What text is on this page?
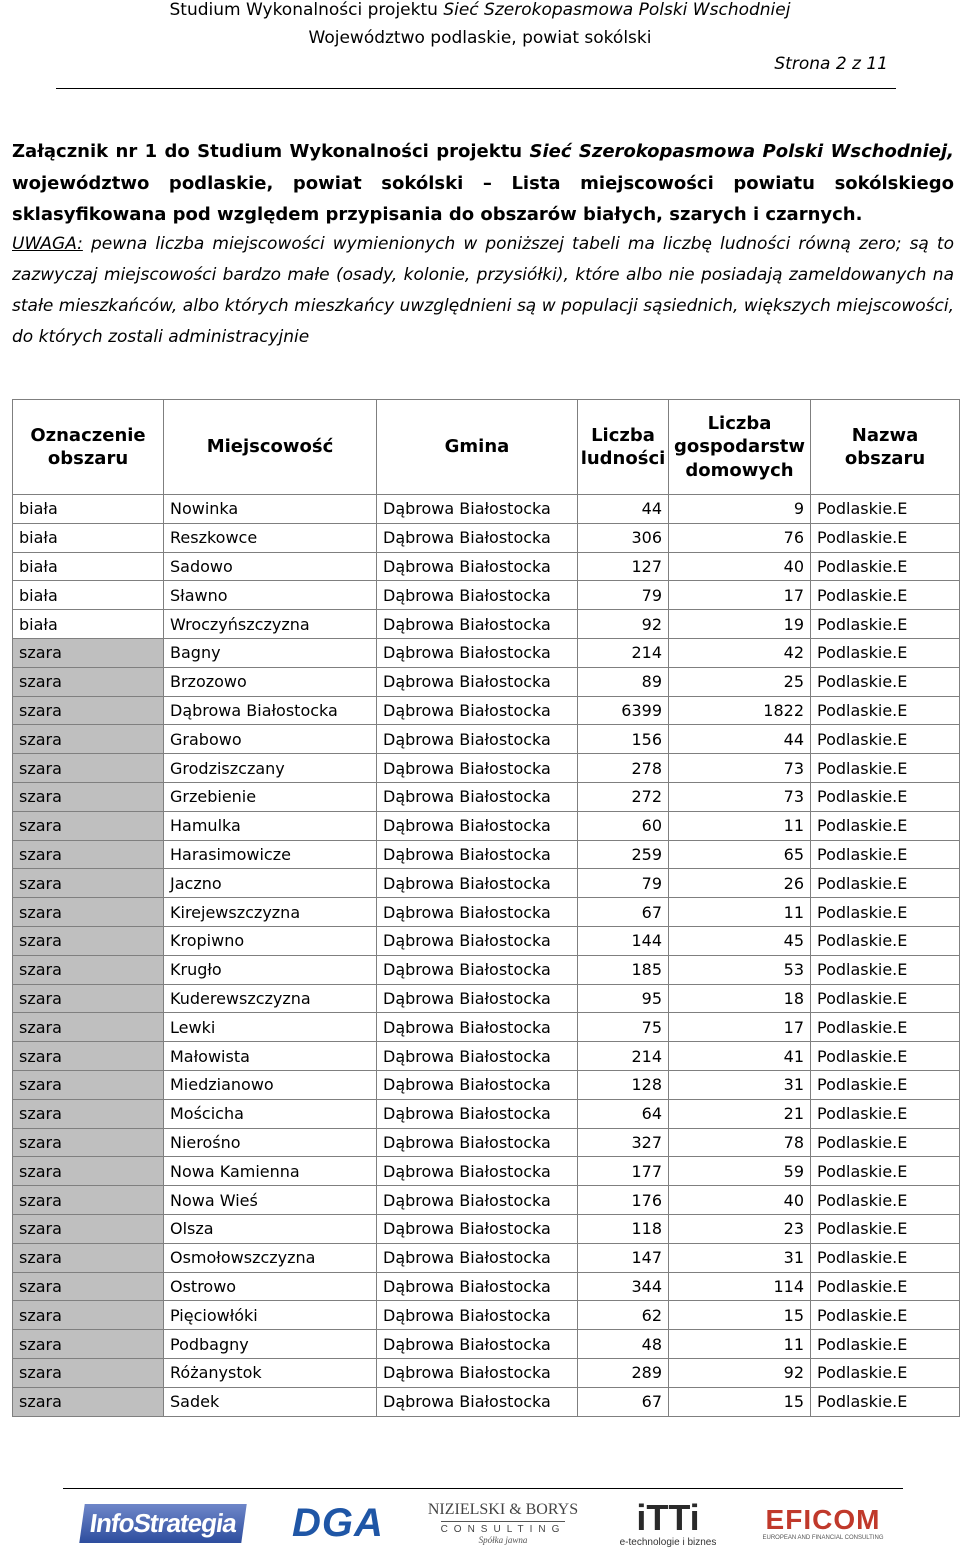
Studium Wykonalności projektu Sieć Szerokopasmowa Polski Wschodniej
Województwo podlaskie, powiat sokólski
Strona 2 z 11
Załącznik nr 1 do Studium Wykonalności projektu Sieć Szerokopasmowa Polski Wschodniej, województwo podlaskie, powiat sokólski – Lista miejscowości powiatu sokólskiego sklasyfikowana pod względem przypisania do obszarów białych, szarych i czarnych.
UWAGA: pewna liczba miejscowości wymienionych w poniższej tabeli ma liczbę ludności równą zero; są to zazwyczaj miejscowości bardzo małe (osady, kolonie, przysiółki), które albo nie posiadają zameldowanych na stałe mieszkańców, albo których mieszkańcy uwzględnieni są w populacji sąsiednich, większych miejscowości, do których zostali administracyjnie
Oznaczenie obszaru	Miejscowość	Gmina	Liczba ludności	Liczba gospodarstw domowych	Nazwa obszaru
biała	Nowinka	Dąbrowa Białostocka	44	9	Podlaskie.E
biała	Reszkowce	Dąbrowa Białostocka	306	76	Podlaskie.E
biała	Sadowo	Dąbrowa Białostocka	127	40	Podlaskie.E
biała	Sławno	Dąbrowa Białostocka	79	17	Podlaskie.E
biała	Wroczyńszczyzna	Dąbrowa Białostocka	92	19	Podlaskie.E
szara	Bagny	Dąbrowa Białostocka	214	42	Podlaskie.E
szara	Brzozowo	Dąbrowa Białostocka	89	25	Podlaskie.E
szara	Dąbrowa Białostocka	Dąbrowa Białostocka	6399	1822	Podlaskie.E
szara	Grabowo	Dąbrowa Białostocka	156	44	Podlaskie.E
szara	Grodziszczany	Dąbrowa Białostocka	278	73	Podlaskie.E
szara	Grzebienie	Dąbrowa Białostocka	272	73	Podlaskie.E
szara	Hamulka	Dąbrowa Białostocka	60	11	Podlaskie.E
szara	Harasimowicze	Dąbrowa Białostocka	259	65	Podlaskie.E
szara	Jaczno	Dąbrowa Białostocka	79	26	Podlaskie.E
szara	Kirejewszczyzna	Dąbrowa Białostocka	67	11	Podlaskie.E
szara	Kropiwno	Dąbrowa Białostocka	144	45	Podlaskie.E
szara	Krugło	Dąbrowa Białostocka	185	53	Podlaskie.E
szara	Kuderewszczyzna	Dąbrowa Białostocka	95	18	Podlaskie.E
szara	Lewki	Dąbrowa Białostocka	75	17	Podlaskie.E
szara	Małowista	Dąbrowa Białostocka	214	41	Podlaskie.E
szara	Miedzianowo	Dąbrowa Białostocka	128	31	Podlaskie.E
szara	Mościcha	Dąbrowa Białostocka	64	21	Podlaskie.E
szara	Nierośno	Dąbrowa Białostocka	327	78	Podlaskie.E
szara	Nowa Kamienna	Dąbrowa Białostocka	177	59	Podlaskie.E
szara	Nowa Wieś	Dąbrowa Białostocka	176	40	Podlaskie.E
szara	Olsza	Dąbrowa Białostocka	118	23	Podlaskie.E
szara	Osmołowszczyzna	Dąbrowa Białostocka	147	31	Podlaskie.E
szara	Ostrowo	Dąbrowa Białostocka	344	114	Podlaskie.E
szara	Pięciowłóki	Dąbrowa Białostocka	62	15	Podlaskie.E
szara	Podbagny	Dąbrowa Białostocka	48	11	Podlaskie.E
szara	Różanystok	Dąbrowa Białostocka	289	92	Podlaskie.E
szara	Sadek	Dąbrowa Białostocka	67	15	Podlaskie.E
InfoStrategia DGA	NIZIELSKI & BORYS
CONSULTING
Spółka jawna
iTTi
e-technologie i biznes
EFICOM
EUROPEAN AND FINANCIAL CONSULTING
